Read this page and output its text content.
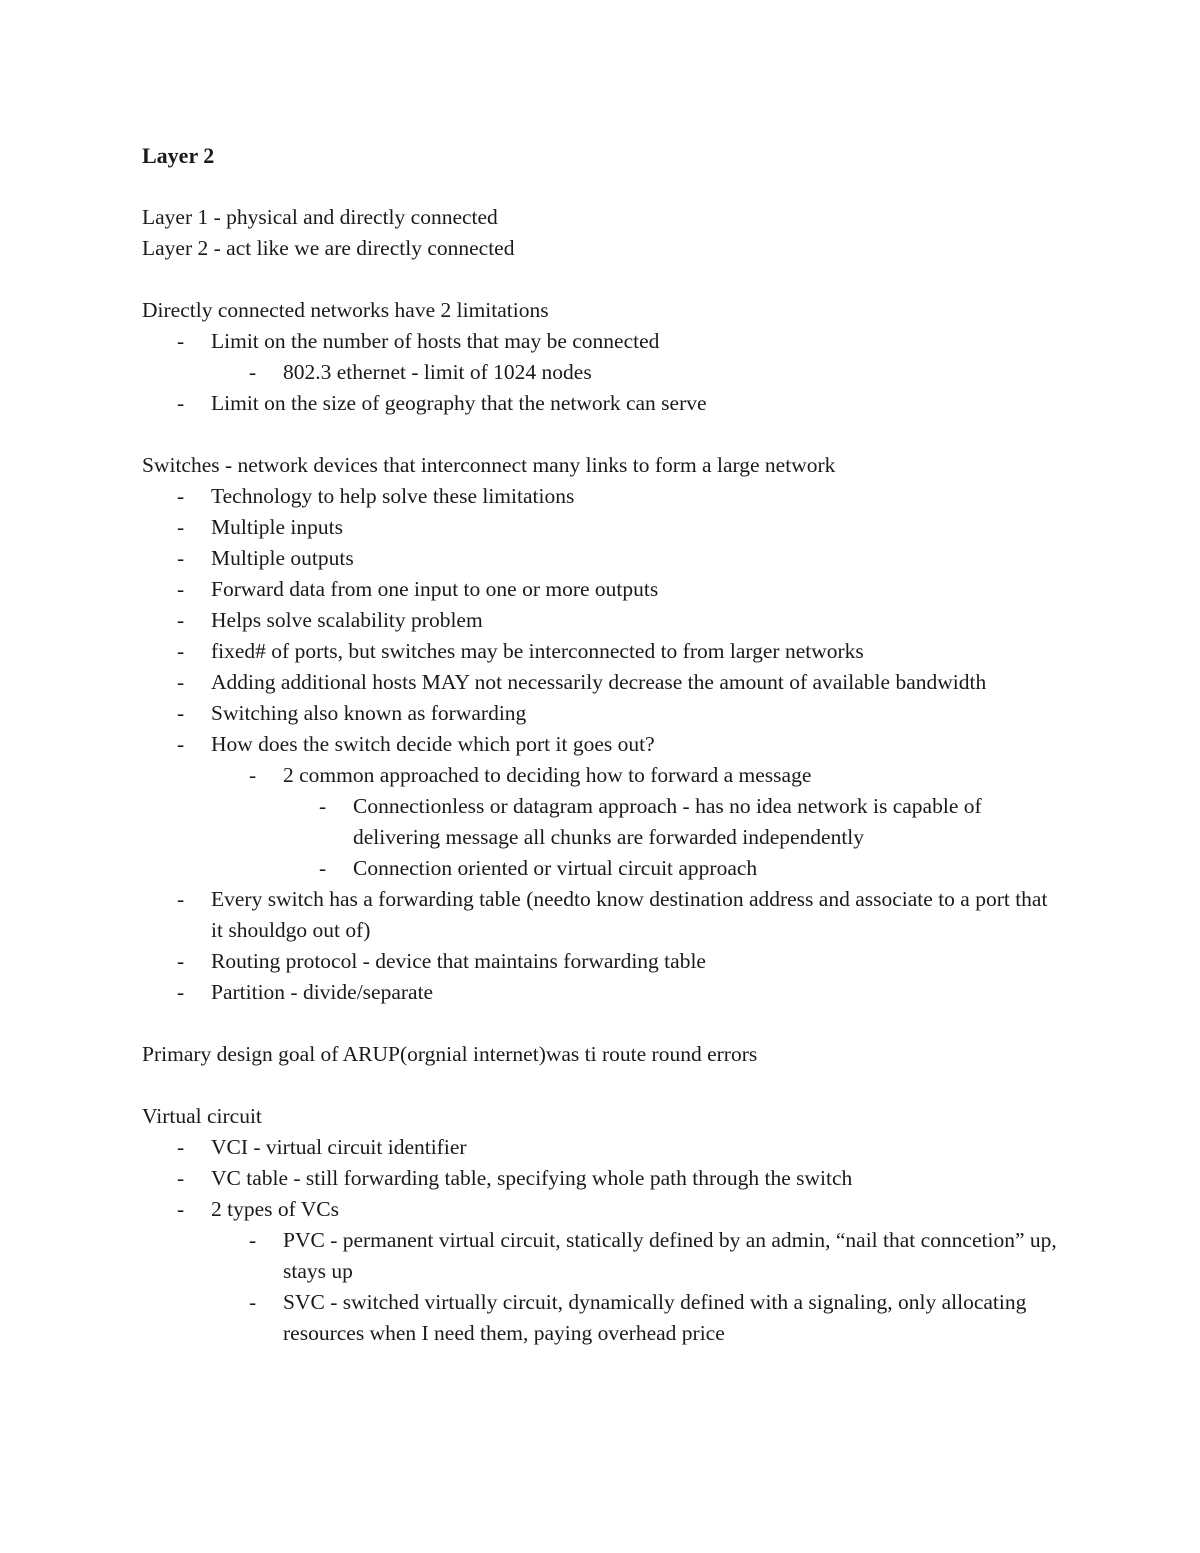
Layer 2

Layer 1 - physical and directly connected

Layer 2 - act like we are directly connected

Directly connected networks have 2 limitations

- Limit on the number of hosts that may be connected
- 802.3 ethernet - limit of 1024 nodes
- Limit on the size of geography that the network can serve

Switches - network devices that interconnect many links to form a large network

- Technology to help solve these limitations
- Multiple inputs
- Multiple outputs
- Forward data from one input to one or more outputs
- Helps solve scalability problem
- fixed# of ports, but switches may be interconnected to from larger networks
- Adding additional hosts MAY not necessarily decrease the amount of available bandwidth
- Switching also known as forwarding
- How does the switch decide which port it goes out?
- 2 common approached to deciding how to forward a message
- Connectionless or datagram approach - has no idea network is capable of delivering message all chunks are forwarded independently
- Connection oriented or virtual circuit approach
- Every switch has a forwarding table (needto know destination address and associate to a port that it shouldgo out of)
- Routing protocol - device that maintains forwarding table
- Partition - divide/separate

Primary design goal of ARUP(orgnial internet)was ti route round errors

Virtual circuit

- VCI - virtual circuit identifier
- VC table - still forwarding table, specifying whole path through the switch
- 2 types of VCs
- PVC - permanent virtual circuit, statically defined by an admin, “nail that conncetion” up, stays up
- SVC - switched virtually circuit, dynamically defined with a signaling, only allocating resources when I need them, paying overhead price
